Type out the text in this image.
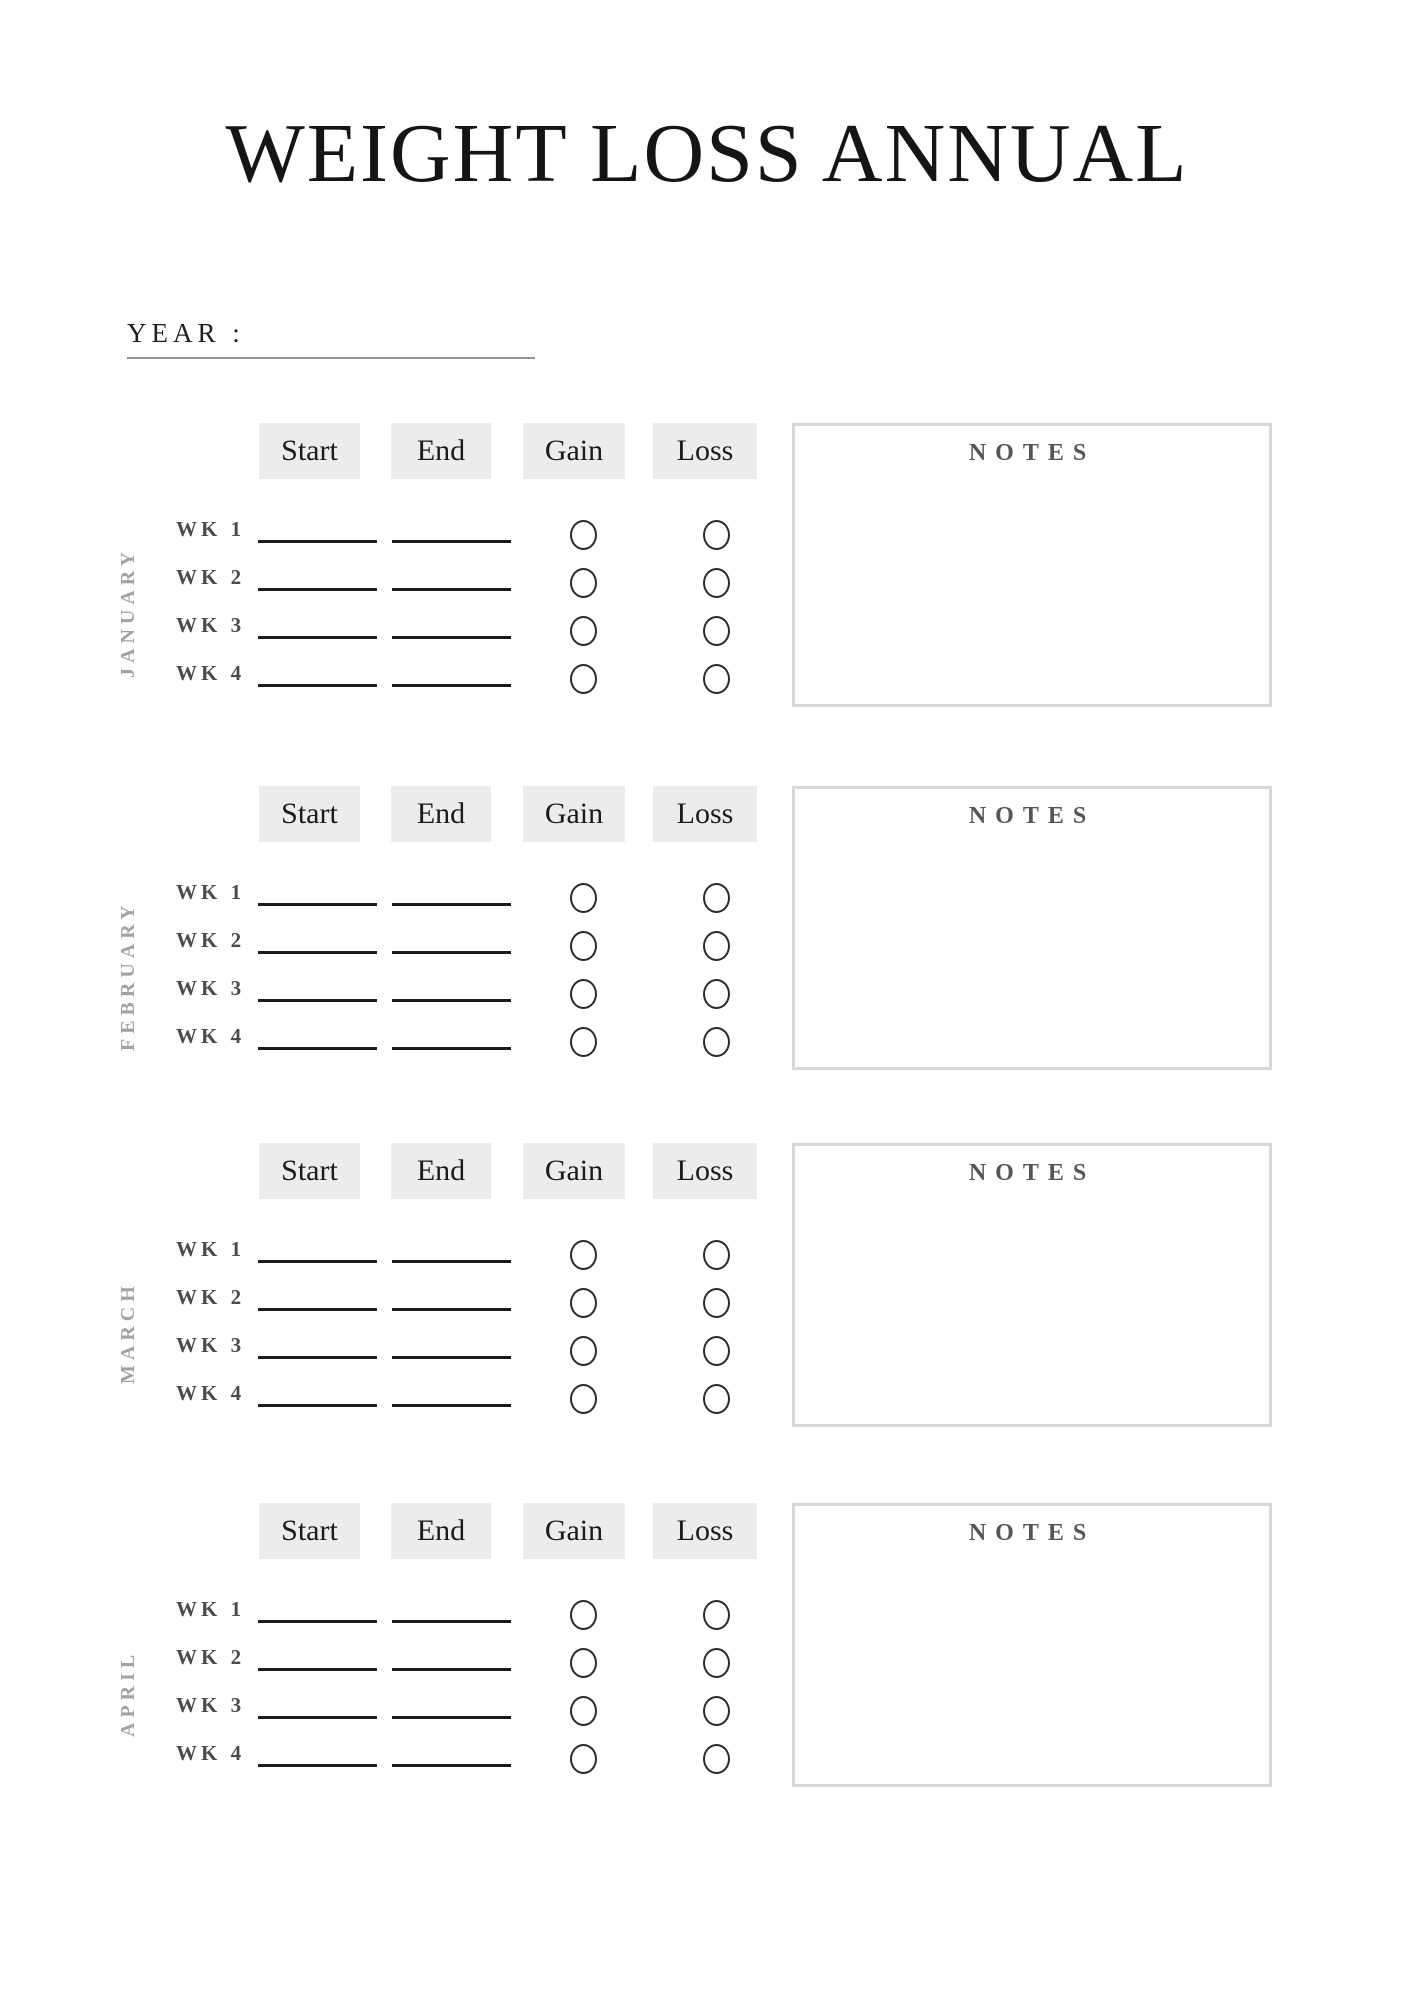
WEIGHT LOSS ANNUAL
YEAR :
JANUARY
Start	End	Gain	Loss
WK 1
WK 2
WK 3
WK 4
NOTES
FEBRUARY
Start	End	Gain	Loss
WK 1
WK 2
WK 3
WK 4
NOTES
MARCH
Start	End	Gain	Loss
WK 1
WK 2
WK 3
WK 4
NOTES
APRIL
Start	End	Gain	Loss
WK 1
WK 2
WK 3
WK 4
NOTES
